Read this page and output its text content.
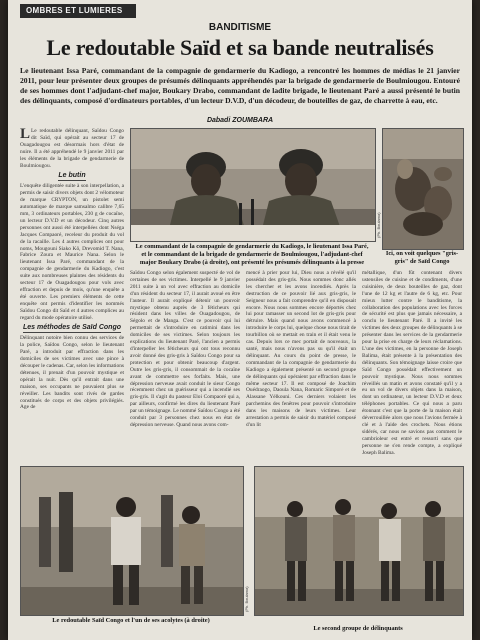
OMBRES ET LUMIERES
BANDITISME
Le redoutable Saïd et sa bande neutralisés
Le lieutenant Issa Paré, commandant de la compagnie de gendarmerie du Kadiogo, a rencontré les hommes de médias le 21 janvier 2011, pour leur présenter deux groupes de présumés délinquants appréhendés par la brigade de gendarmerie de Boulmiougou. Entouré de ses hommes dont l'adjudant-chef major, Boukary Drabo, commandant de ladite brigade, le lieutenant Paré a aussi présenté le butin des délinquants, composé d'ordinateurs portables, d'un lecteur D.V.D, d'un décodeur, de bouteilles de gaz, de charrette à eau, etc.
Dabadi ZOUMBARA

L Le redoutable délinquant, Saïdou Congo dit Saïd, qui opérait au secteur 17 de Ouagadougou est désormais hors d'état de nuire. Il a été appréhendé le 9 janvier 2011 par les éléments de la brigade de gendarmerie de Boulmiougou.

Le butin

L'enquête diligentée suite à son interpellation, a permis de saisir divers objets dont 2 vélomoteur de marque CRYPTON, un pistolet semi automatique de marque samsalmo calibre 7,65 mm, 3 ordinateurs portables, 230 g de cocaïne, un lecteur D.V.D et un décodeur. Cinq autres personnes ont aussi été interpellées dont Nséga Jacques Compaoré, receleur du produit du vol de la racaille. Les 4 autres complices ont pour noms, Mougouni Siako Kô, Drevomid T. Nana, Fabrice Zoura et Maurice Nana. Selon le lieutenant Issa Paré, commandant de la compagnie de gendarmerie du Kadiogo, c'est suite aux nombreuses plaintes des résidents du secteur 17 de Ouagadougou pour vols avec effraction et depuis de mois, qu'une enquête a été ouverte. Les premiers éléments de cette enquête ont permis d'identifier les nommés Saïdou Congo dit Saïd et 4 autres complices au regard du mode opératoire utilisé.

Les méthodes de Saïd Congo

Délinquant notoire bien connu des services de la police, Saïdou Congo, selon le lieutenant Paré, a introduit par effraction dans les domiciles de ses victimes avec une pince à découper le cadenas. Car, selon les informations détenues, il prenait d'un pouvoir mystique et opérait la nuit. Dès qu'il entrait dans une maison, ses occupants ne pouvaient plus se réveiller. Les bandits sont rivés de gardes constitués de corps et des objets privilégiés. Age de

(Ph. Boulama)
Le commandant de la compagnie de gendarmerie du Kadiogo, le lieutenant Issa Paré, et le commandant de la brigade de gendarmerie de Boulmiougou, l'adjudant-chef major Boukary Drabo (à droite), ont présenté les présumés délinquants à la presse
Ici, on voit quelques "gris-gris" de Saïd Congo
Saïdou Congo selon également suspecté de vol de certaines de ses victimes. Interpellé le 9 janvier 2011 suite à un vol avec effraction au domicile d'un résident du secteur 17, il aurait avoué en être l'auteur. Il aurait expliqué détenir un pouvoir mystique obtenu auprès de 3 féticheurs qui résident dans les villes de Ouagadougou, de Ségolo et de Manga. C'est ce pouvoir qui lui permettait de s'introduire en catimini dans les domiciles de ses victimes. Selon toujours les explications du lieutenant Paré, l'ancien a permis d'interpeller les féticheurs qui ont tous reconnu avoir donné des gris-gris à Saïdou Congo pour sa protection et pour obtenir beaucoup d'argent. Outre les gris-gris, il consommait de la cocaïne avant de commettre ses forfaits. Mais, une dépression nerveuse avait conduit le sieur Congo récemment chez un guérisseur qui a incendié ses gris-gris. Il s'agit du pasteur Eloi Compaoré qui a, par ailleurs, confirmé les dires du lieutenant Paré par un témoignage. Le nommé Saïdou Congo a été conduit par 3 personnes chez nous en état de dépression nerveuse. Quand nous avons com-
mencé à prier pour lui, Dieu nous a révélé qu'il possédait des gris-gris. Nous sommes donc allés les chercher et les avons incendiés. Après la destruction de ce pouvoir lié aux gris-gris, le Seigneur nous a fait comprendre qu'il en disposait encore. Nous nous sommes encore déportés chez lui pour ramasser un second lot de gris-gris pour détruire. Mais quand nous avons commencé à introduire le corps lui, quelque chose nous tirait de tourbillon où se mettait en train et il était venu le cas. Depuis lors ce mec portait de nouveaux, la santé, mais nous n'avons pas su qu'il était un délinquant. Au cours du point de presse, le commandant de la compagnie de gendarmerie du Kadiogo a également présenté un second groupe de délinquants qui opéraient par effraction dans le même secteur 17. Il est composé de Joachim Ouédraogo, Daoula Nana, Romaric Simporé et de Alassane Yélkouni. Ces derniers volaient les parchemins des fenêtres pour pouvoir s'introduire dans les maisons de leurs victimes. Leur arrestation a permis de saisir du matériel composé d'un lit
métallique, d'un fût contenant divers ustensiles de cuisine et de condiments, d'une cuisinière, de deux bouteilles de gaz, dont l'une de 12 kg et l'autre de 6 kg, etc. Pour mieux lutter contre le banditisme, la collaboration des populations avec les forces de sécurité est plus que jamais nécessaire, a conclu le lieutenant Paré. Il a invité les victimes des deux groupes de délinquants à se présenter dans les services de la gendarmerie pour la prise en charge de leurs réclamations. L'une des victimes, en la personne de Joseph Balima, était présente à la présentation des délinquants. Son témoignage laisse croire que Saïd Congo possédait effectivement un pouvoir mystique. Nous nous sommes réveillés un matin et avons constaté qu'il y a eu un vol de divers objets dans la maison, dont un ordinateur, un lecteur D.V.D et deux téléphones portables. Ce qui nous a paru étonnant c'est que la porte de la maison était déverrouillée alors que nous l'avions fermée à clé et à l'aide des crochets. Nous étions sidérés, car nous ne savions pas comment le cambrioleur est entré et ressorti sans que personne ne s'en rende compte, a expliqué Joseph Balima.
(Ph. Boulama)
Le redoutable Saïd Congo et l'un de ses acolytes (à droite)
Le second groupe de délinquants
